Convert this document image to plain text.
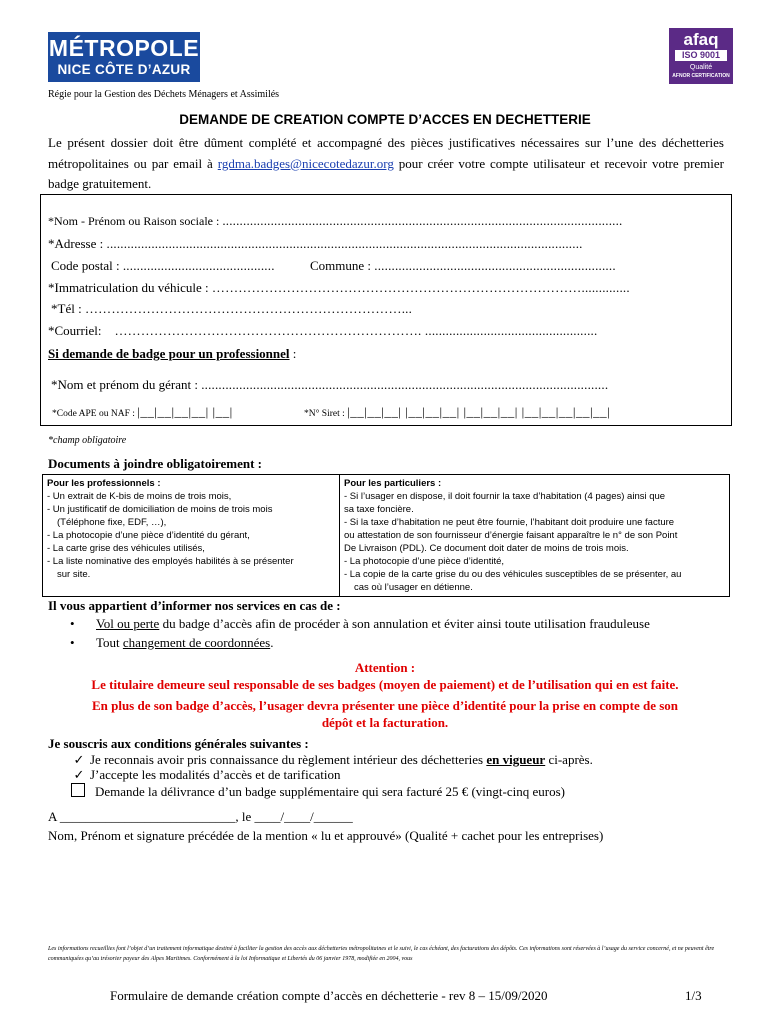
MÉTROPOLE
NICE CÔTE D’AZUR
afaq
ISO 9001
Qualité
AFNOR CERTIFICATION
Régie pour la Gestion des Déchets Ménagers et Assimilés
DEMANDE DE CREATION COMPTE D’ACCES EN DECHETTERIE
Le présent dossier doit être dûment complété et accompagné des pièces justificatives nécessaires sur l’une des déchetteries métropolitaines ou par email à rgdma.badges@nicecotedazur.org pour créer votre compte utilisateur et recevoir votre premier badge gratuitement.
*Nom - Prénom ou Raison sociale : ....................................................................................................................
*Adresse : ..........................................................................................................................................
Code postal : ............................................	Commune : ......................................................................
*Immatriculation du véhicule : …………………………………………………………………………..............
*Tél : ………………………………………………………………...
*Courriel: ……………………………………………………………. ..................................................
Si demande de badge pour un professionnel :
*Nom et prénom du gérant : ......................................................................................................................
*Code APE ou NAF : |__|__|__|__| |__|	*N° Siret : |__|__|__| |__|__|__| |__|__|__| |__|__|__|__|__|
*champ obligatoire
Documents à joindre obligatoirement :
Pour les professionnels :
- Un extrait de K-bis de moins de trois mois,
- Un justificatif de domiciliation de moins de trois mois
(Téléphone fixe, EDF, …),
- La photocopie d’une pièce d’identité du gérant,
- La carte grise des véhicules utilisés,
- La liste nominative des employés habilités à se présenter
sur site.

Pour les particuliers :
- Si l’usager en dispose, il doit fournir la taxe d’habitation (4 pages) ainsi que
sa taxe foncière.
- Si la taxe d’habitation ne peut être fournie, l’habitant doit produire une facture
ou attestation de son fournisseur d’énergie faisant apparaître le n° de son Point
De Livraison (PDL). Ce document doit dater de moins de trois mois.
- La photocopie d’une pièce d’identité,
- La copie de la carte grise du ou des véhicules susceptibles de se présenter, au
cas où l’usager en détienne.
Il vous appartient d’informer nos services en cas de :
• Vol ou perte du badge d’accès afin de procéder à son annulation et éviter ainsi toute utilisation frauduleuse
• Tout changement de coordonnées.
Attention :
Le titulaire demeure seul responsable de ses badges (moyen de paiement) et de l’utilisation qui en est faite.
En plus de son badge d’accès, l’usager devra présenter une pièce d’identité pour la prise en compte de son
dépôt et la facturation.
Je souscris aux conditions générales suivantes :
✓ Je reconnais avoir pris connaissance du règlement intérieur des déchetteries en vigueur ci-après.
✓ J’accepte les modalités d’accès et de tarification
Demande la délivrance d’un badge supplémentaire qui sera facturé 25 € (vingt-cinq euros)
A ___________________________, le ____/____/______
Nom, Prénom et signature précédée de la mention « lu et approuvé» (Qualité + cachet pour les entreprises)
Les informations recueillies font l’objet d’un traitement informatique destiné à faciliter la gestion des accès aux déchetteries métropolitaines et le suivi, le cas échéant, des facturations des dépôts. Ces informations sont réservées à l’usage du service concerné, et ne peuvent être communiquées qu’au trésorier payeur des Alpes Maritimes. Conformément à la loi Informatique et Libertés du 06 janvier 1978, modifiée en 2004, vous
Formulaire de demande création compte d’accès en déchetterie - rev 8 – 15/09/2020	1/3
